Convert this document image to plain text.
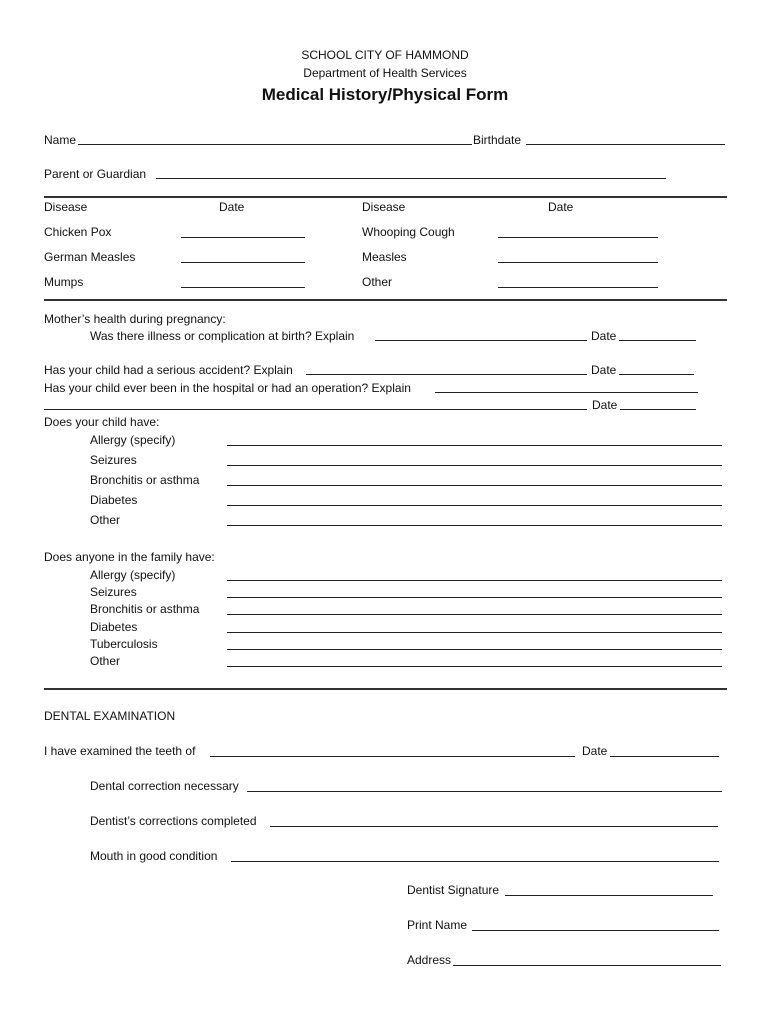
SCHOOL CITY OF HAMMOND
Department of Health Services
Medical History/Physical Form
Name	Birthdate
Parent or Guardian
Disease	Date	Disease	Date
Chicken Pox	Whooping Cough
German Measles	Measles
Mumps	Other
Mother’s health during pregnancy:
Was there illness or complication at birth? Explain	Date
Has your child had a serious accident? Explain	Date
Has your child ever been in the hospital or had an operation? Explain
Date
Does your child have:
Allergy (specify)
Seizures
Bronchitis or asthma
Diabetes
Other
Does anyone in the family have:
Allergy (specify)
Seizures
Bronchitis or asthma
Diabetes
Tuberculosis
Other
DENTAL EXAMINATION
I have examined the teeth of	Date
Dental correction necessary
Dentist’s corrections completed
Mouth in good condition
Dentist Signature
Print Name
Address
